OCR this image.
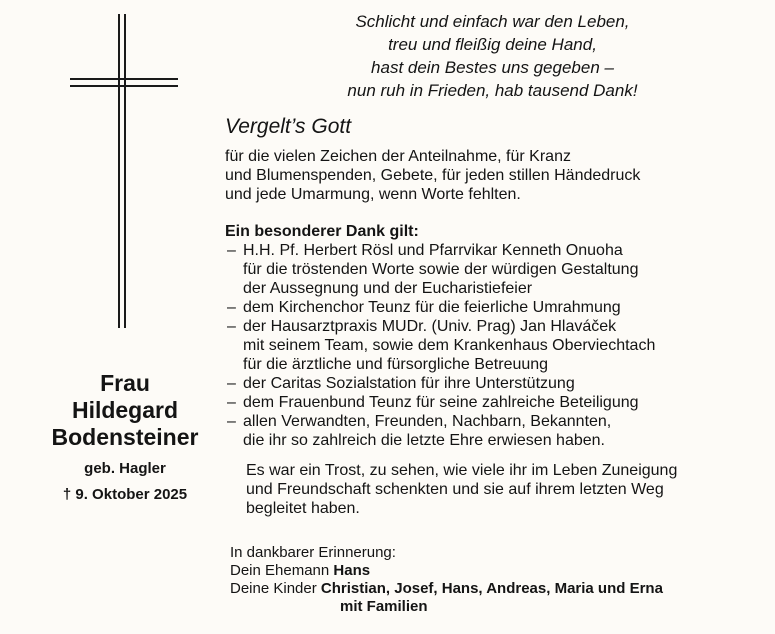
Schlicht und einfach war den Leben,
treu und fleißig deine Hand,
hast dein Bestes uns gegeben –
nun ruh in Frieden, hab tausend Dank!
Vergelt’s Gott
für die vielen Zeichen der Anteilnahme, für Kranz
und Blumenspenden, Gebete, für jeden stillen Händedruck
und jede Umarmung, wenn Worte fehlten.
Ein besonderer Dank gilt:
– H.H. Pf. Herbert Rösl und Pfarrvikar Kenneth Onuoha
für die tröstenden Worte sowie der würdigen Gestaltung
der Aussegnung und der Eucharistiefeier
– dem Kirchenchor Teunz für die feierliche Umrahmung
– der Hausarztpraxis MUDr. (Univ. Prag) Jan Hlaváček
mit seinem Team, sowie dem Krankenhaus Oberviechtach
für die ärztliche und fürsorgliche Betreuung
– der Caritas Sozialstation für ihre Unterstützung
– dem Frauenbund Teunz für seine zahlreiche Beteiligung
– allen Verwandten, Freunden, Nachbarn, Bekannten,
die ihr so zahlreich die letzte Ehre erwiesen haben.
Es war ein Trost, zu sehen, wie viele ihr im Leben Zuneigung
und Freundschaft schenkten und sie auf ihrem letzten Weg
begleitet haben.
Frau
Hildegard
Bodensteiner
geb. Hagler
† 9. Oktober 2025
In dankbarer Erinnerung:
Dein Ehemann Hans
Deine Kinder Christian, Josef, Hans, Andreas, Maria und Erna
mit Familien
